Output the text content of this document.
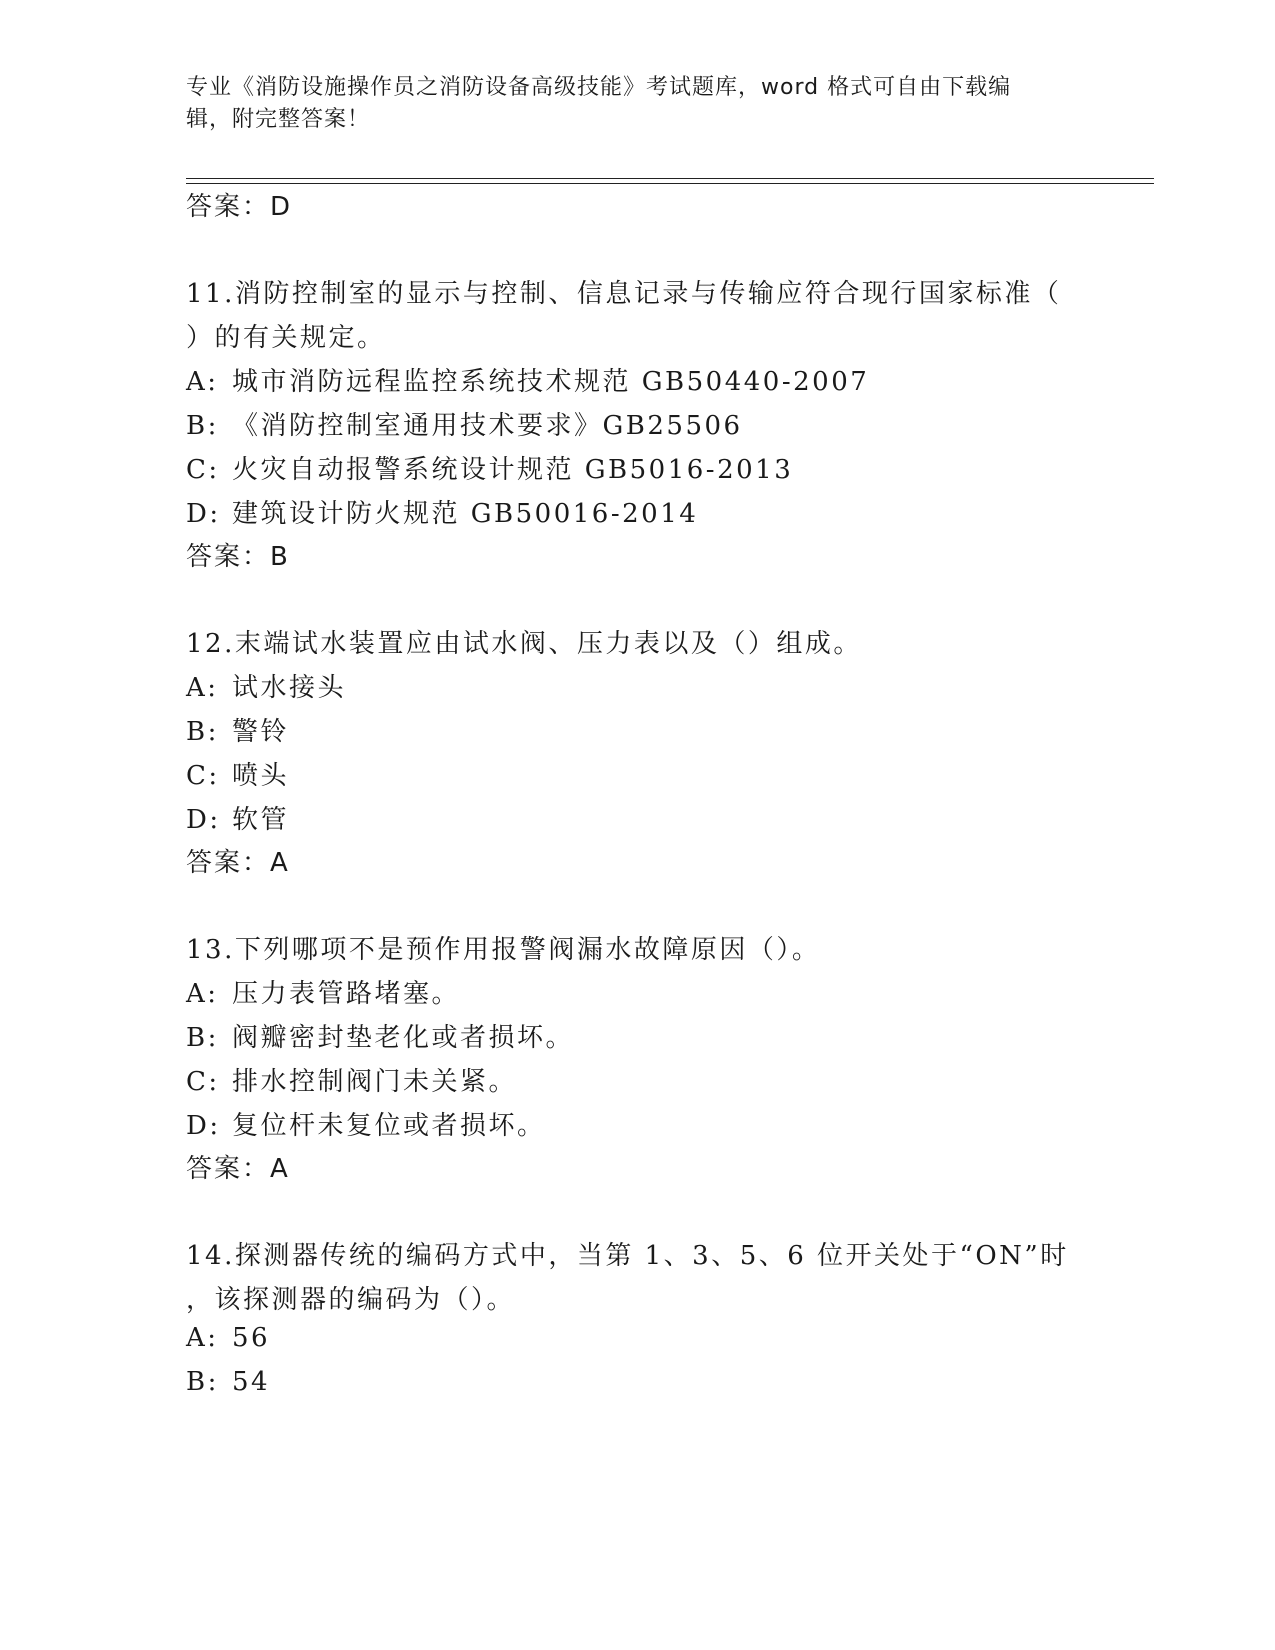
专业《消防设施操作员之消防设备高级技能》考试题库，word 格式可自由下载编
辑，附完整答案！
答案：D
11.消防控制室的显示与控制、信息记录与传输应符合现行国家标准（
）的有关规定。
A: 城市消防远程监控系统技术规范 GB50440-2007
B: 《消防控制室通用技术要求》GB25506
C: 火灾自动报警系统设计规范 GB5016-2013
D: 建筑设计防火规范 GB50016-2014
答案：B
12.末端试水装置应由试水阀、压力表以及（）组成。
A: 试水接头
B: 警铃
C: 喷头
D: 软管
答案：A
13.下列哪项不是预作用报警阀漏水故障原因（）。
A: 压力表管路堵塞。
B: 阀瓣密封垫老化或者损坏。
C: 排水控制阀门未关紧。
D: 复位杆未复位或者损坏。
答案：A
14.探测器传统的编码方式中，当第 1、3、5、6 位开关处于“ON”时
，该探测器的编码为（）。
A: 56
B: 54
